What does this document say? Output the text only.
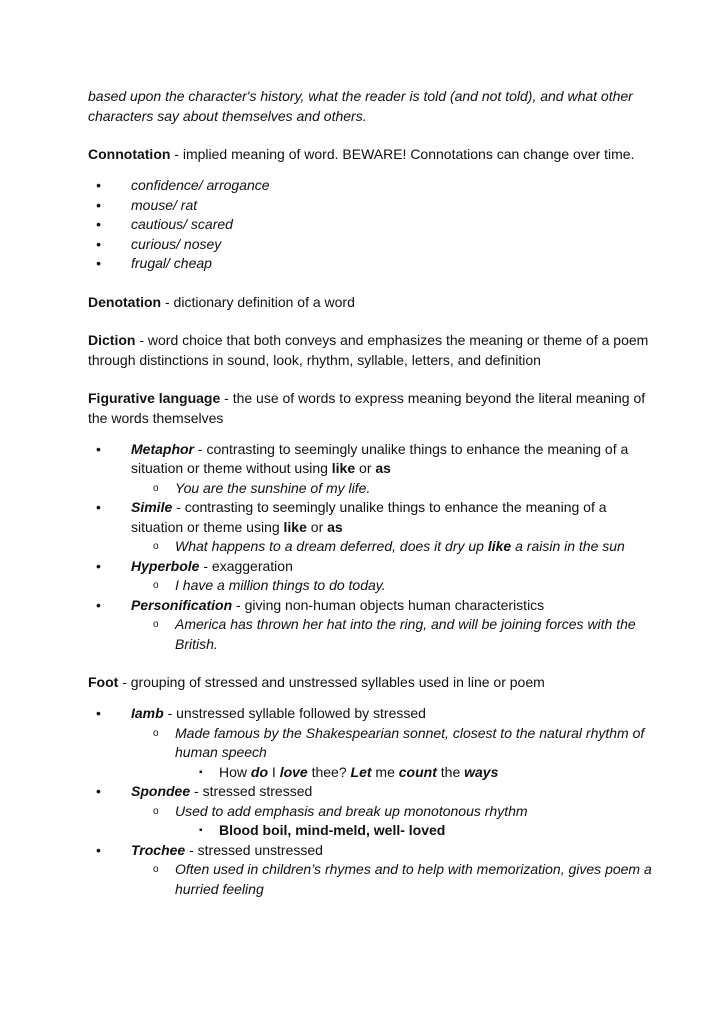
based upon the character's history, what the reader is told (and not told), and what other characters say about themselves and others.

Connotation - implied meaning of word. BEWARE! Connotations can change over time.

• confidence/ arrogance
• mouse/ rat
• cautious/ scared
• curious/ nosey
• frugal/ cheap

Denotation - dictionary definition of a word

Diction - word choice that both conveys and emphasizes the meaning or theme of a poem through distinctions in sound, look, rhythm, syllable, letters, and definition

Figurative language - the use of words to express meaning beyond the literal meaning of the words themselves

• Metaphor - contrasting to seemingly unalike things to enhance the meaning of a situation or theme without using like or as
o You are the sunshine of my life.
• Simile - contrasting to seemingly unalike things to enhance the meaning of a situation or theme using like or as
o What happens to a dream deferred, does it dry up like a raisin in the sun
• Hyperbole - exaggeration
o I have a million things to do today.
• Personification - giving non-human objects human characteristics
o America has thrown her hat into the ring, and will be joining forces with the British.

Foot - grouping of stressed and unstressed syllables used in line or poem

• Iamb - unstressed syllable followed by stressed
o Made famous by the Shakespearian sonnet, closest to the natural rhythm of human speech
▪ How do I love thee? Let me count the ways
• Spondee - stressed stressed
o Used to add emphasis and break up monotonous rhythm
▪ Blood boil, mind-meld, well- loved
• Trochee - stressed unstressed
o Often used in children’s rhymes and to help with memorization, gives poem a hurried feeling
